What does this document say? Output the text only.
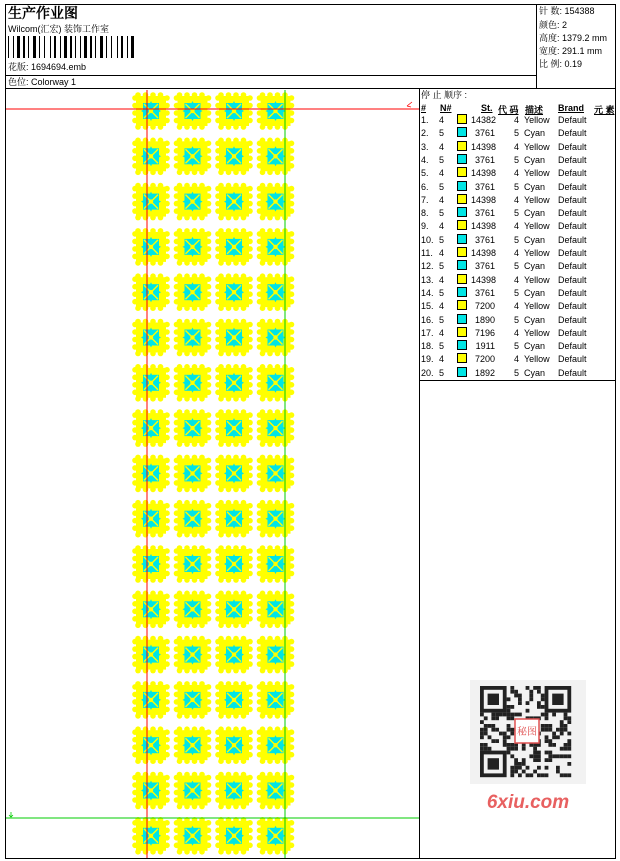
生产作业图
Wilcom(汇宏) 装饰工作室
花版: 1694694.emb
色位: Colorway 1
针 数: 154388
颜色: 2
高度: 1379.2 mm
宽度: 291.1 mm
比 例: 0.19
停 止 顺序 :
# N#	St. 代 码 描述 Brand 元 素
1. 4	14382 4 Yellow Default
2. 5	3761 5 Cyan Default
3. 4	14398 4 Yellow Default
4. 5	3761 5 Cyan Default
5. 4	14398 4 Yellow Default
6. 5	3761 5 Cyan Default
7. 4	14398 4 Yellow Default
8. 5	3761 5 Cyan Default
9. 4	14398 4 Yellow Default
10. 5	3761 5 Cyan Default
11. 4	14398 4 Yellow Default
12. 5	3761 5 Cyan Default
13. 4	14398 4 Yellow Default
14. 5	3761 5 Cyan Default
15. 4	7200 4 Yellow Default
16. 5	1890 5 Cyan Default
17. 4	7196 4 Yellow Default
18. 5	1911 5 Cyan Default
19. 4	7200 4 Yellow Default
20. 5	1892 5 Cyan Default
秘图
6xiu.com
